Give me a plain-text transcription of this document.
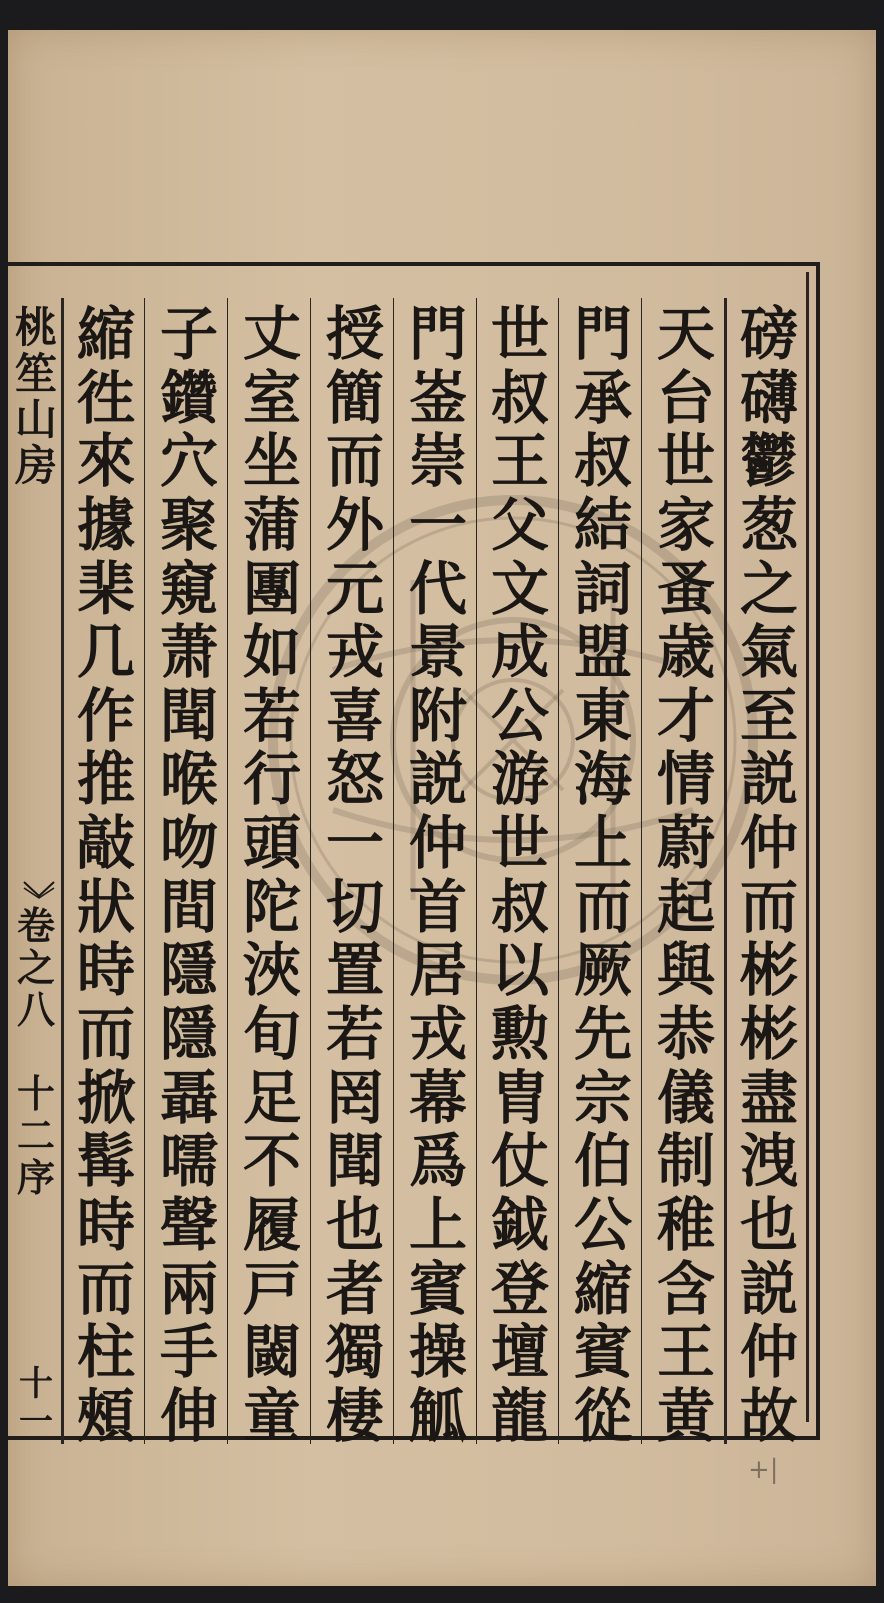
桃
笙
山
房
卷
之
八

十
二
序
十
一
+|
磅
礴
鬱
葱
之
氣
至
説
仲
而
彬
彬
盡
洩
也
説
仲
故
天
台
世
家
蚤
歳
才
情
蔚
起
與
恭
儀
制
稚
含
王
黄
門
承
叔
結
詞
盟
東
海
上
而
厥
先
宗
伯
公
縮
賓
從
世
叔
王
父
文
成
公
游
世
叔
以
勲
胄
仗
鉞
登
壇
龍
門
崟
崇
一
代
景
附
説
仲
首
居
戎
幕
爲
上
賓
操
觚
授
簡
而
外
元
戎
喜
怒
一
切
置
若
罔
聞
也
者
獨
棲
丈
室
坐
蒲
團
如
若
行
頭
陀
浹
旬
足
不
履
戸
閾
童
子
鑽
穴
聚
窺
萧
聞
喉
吻
間
隱
隱
聶
嚅
聲
兩
手
伸
縮
徃
來
據
棐
几
作
推
敲
狀
時
而
掀
髯
時
而
柱
頰
